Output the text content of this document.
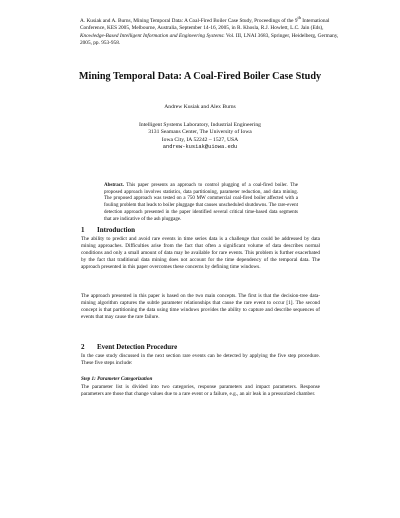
A. Kusiak and A. Burns, Mining Temporal Data: A Coal-Fired Boiler Case Study, Proceedings of the 9th International Conference, KES 2005, Melbourne, Australia, September 14-16, 2005, in R. Khosla, R.J. Howlett, L.C. Jain (Eds), Knowledge-Based Intelligent Information and Engineering Systems: Vol. III, LNAI 3683, Springer, Heidelberg, Germany, 2005, pp. 953-958.
Mining Temporal Data: A Coal-Fired Boiler Case Study
Andrew Kusiak and Alex Burns
Intelligent Systems Laboratory, Industrial Engineering
3131 Seamans Center, The University of Iowa
Iowa City, IA 52242 – 1527, USA
andrew-kusiak@uiowa.edu
Abstract. This paper presents an approach to control plugging of a coal-fired boiler. The proposed approach involves statistics, data partitioning, parameter reduction, and data mining. The proposed approach was tested on a 750 MW commercial coal-fired boiler affected with a fouling problem that leads to boiler pluggage that causes unscheduled shutdowns. The rare-event detection approach presented in the paper identified several critical time-based data segments that are indicative of the ash pluggage.
1 Introduction
The ability to predict and avoid rare events in time series data is a challenge that could be addressed by data mining approaches. Difficulties arise from the fact that often a significant volume of data describes normal conditions and only a small amount of data may be available for rare events. This problem is further exacerbated by the fact that traditional data mining does not account for the time dependency of the temporal data. The approach presented in this paper overcomes these concerns by defining time windows.
The approach presented in this paper is based on the two main concepts. The first is that the decision-tree data-mining algorithm captures the subtle parameter relationships that cause the rare event to occur [1]. The second concept is that partitioning the data using time windows provides the ability to capture and describe sequences of events that may cause the rare failure.
2 Event Detection Procedure
In the case study discussed in the next section rare events can be detected by applying the five step procedure. These five steps include:
Step 1: Parameter Categorization
The parameter list is divided into two categories, response parameters and impact parameters. Response parameters are those that change values due to a rare event or a failure, e.g., an air leak in a pressurized chamber.
